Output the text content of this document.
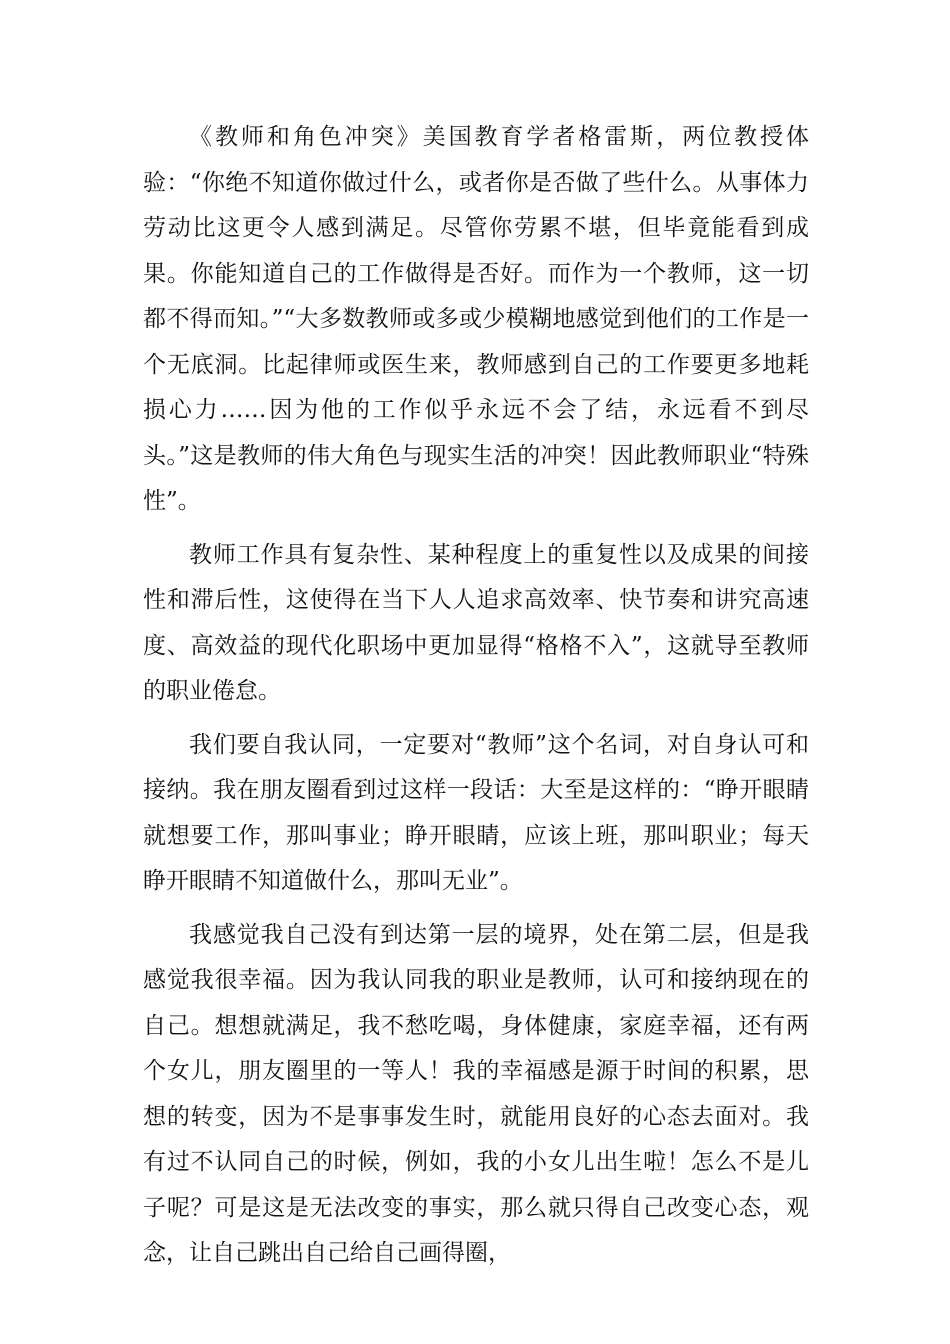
《教师和角色冲突》美国教育学者格雷斯，两位教授体验：“你绝不知道你做过什么，或者你是否做了些什么。从事体力劳动比这更令人感到满足。尽管你劳累不堪，但毕竟能看到成果。你能知道自己的工作做得是否好。而作为一个教师，这一切都不得而知。”“大多数教师或多或少模糊地感觉到他们的工作是一个无底洞。比起律师或医生来，教师感到自己的工作要更多地耗损心力……因为他的工作似乎永远不会了结，永远看不到尽头。”这是教师的伟大角色与现实生活的冲突！因此教师职业“特殊性”。

教师工作具有复杂性、某种程度上的重复性以及成果的间接性和滞后性，这使得在当下人人追求高效率、快节奏和讲究高速度、高效益的现代化职场中更加显得“格格不入”，这就导至教师的职业倦怠。

我们要自我认同，一定要对“教师”这个名词，对自身认可和接纳。我在朋友圈看到过这样一段话：大至是这样的：“睁开眼睛就想要工作，那叫事业；睁开眼睛，应该上班，那叫职业；每天睁开眼睛不知道做什么，那叫无业”。

我感觉我自己没有到达第一层的境界，处在第二层，但是我感觉我很幸福。因为我认同我的职业是教师，认可和接纳现在的自己。想想就满足，我不愁吃喝，身体健康，家庭幸福，还有两个女儿，朋友圈里的一等人！我的幸福感是源于时间的积累，思想的转变，因为不是事事发生时，就能用良好的心态去面对。我有过不认同自己的时候，例如，我的小女儿出生啦！怎么不是儿子呢？可是这是无法改变的事实，那么就只得自己改变心态，观念，让自己跳出自己给自己画得圈，
